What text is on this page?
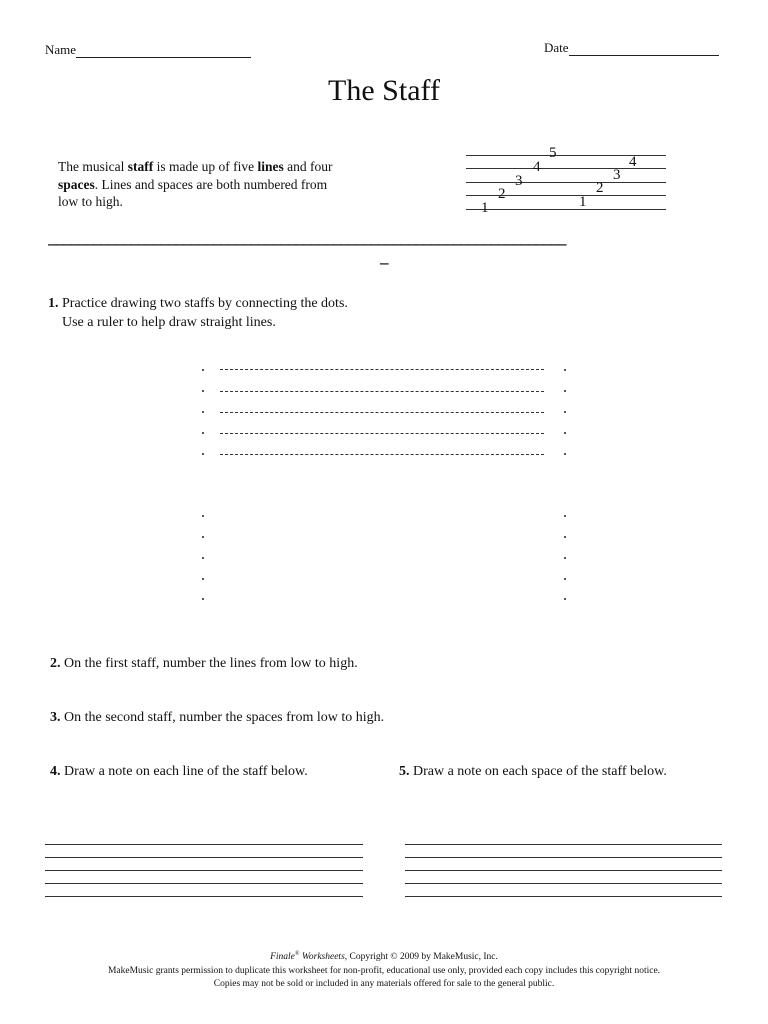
Name	Date
The Staff
The musical staff is made up of five lines and four spaces. Lines and spaces are both numbered from low to high.	1
2
3
4
5
1
2
3
4
_____________________________________________________________________
_
1. Practice drawing two staffs by connecting the dots.
Use a ruler to help draw straight lines.
2. On the first staff, number the lines from low to high.
3. On the second staff, number the spaces from low to high.
4. Draw a note on each line of the staff below.	5. Draw a note on each space of the staff below.
Finale® Worksheets, Copyright © 2009 by MakeMusic, Inc.
MakeMusic grants permission to duplicate this worksheet for non-profit, educational use only, provided each copy includes this copyright notice.
Copies may not be sold or included in any materials offered for sale to the general public.
